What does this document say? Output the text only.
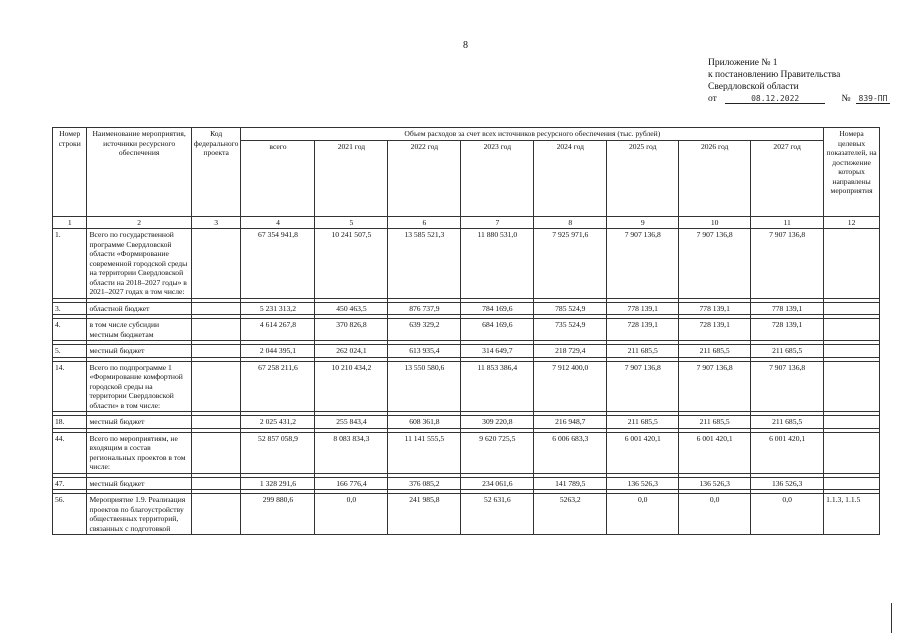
8
Приложение № 1
к постановлению Правительства
Свердловской области
от	08.12.2022	№ 839-ПП
Номер строки	Наименование мероприятия, источники ресурсного обеспечения	Код федерального проекта	Объем расходов за счет всех источников ресурсного обеспечения (тыс. рублей)								Номера целевых показателей, на достижение которых направлены мероприятия
			всего	2021 год	2022 год	2023 год	2024 год	2025 год	2026 год	2027 год	
1	2	3	4	5	6	7	8	9	10	11	12
1.	Всего по государственной программе Свердловской области «Формирование современной городской среды на территории Свердловской области на 2018–2027 годы» в 2021–2027 годах в том числе:		67 354 941,8	10 241 507,5	13 585 521,3	11 880 531,0	7 925 971,6	7 907 136,8	7 907 136,8	7 907 136,8	

3.	областной бюджет		5 231 313,2	450 463,5	876 737,9	784 169,6	785 524,9	778 139,1	778 139,1	778 139,1	

4.	в том числе субсидии местным бюджетам		4 614 267,8	370 826,8	639 329,2	684 169,6	735 524,9	728 139,1	728 139,1	728 139,1	

5.	местный бюджет		2 044 395,1	262 024,1	613 935,4	314 649,7	218 729,4	211 685,5	211 685,5	211 685,5	

14.	Всего по подпрограмме 1 «Формирование комфортной городской среды на территории Свердловской области» в том числе:		67 258 211,6	10 210 434,2	13 550 580,6	11 853 386,4	7 912 400,0	7 907 136,8	7 907 136,8	7 907 136,8	

18.	местный бюджет		2 025 431,2	255 843,4	608 361,8	309 220,8	216 948,7	211 685,5	211 685,5	211 685,5	

44.	Всего по мероприятиям, не входящим в состав региональных проектов в том числе:		52 857 058,9	8 083 834,3	11 141 555,5	9 620 725,5	6 006 683,3	6 001 420,1	6 001 420,1	6 001 420,1	

47.	местный бюджет		1 328 291,6	166 776,4	376 085,2	234 061,6	141 789,5	136 526,3	136 526,3	136 526,3	

56.	Мероприятие 1.9. Реализация проектов по благоустройству общественных территорий, связанных с подготовкой		299 880,6	0,0	241 985,8	52 631,6	5263,2	0,0	0,0	0,0	1.1.3, 1.1.5
